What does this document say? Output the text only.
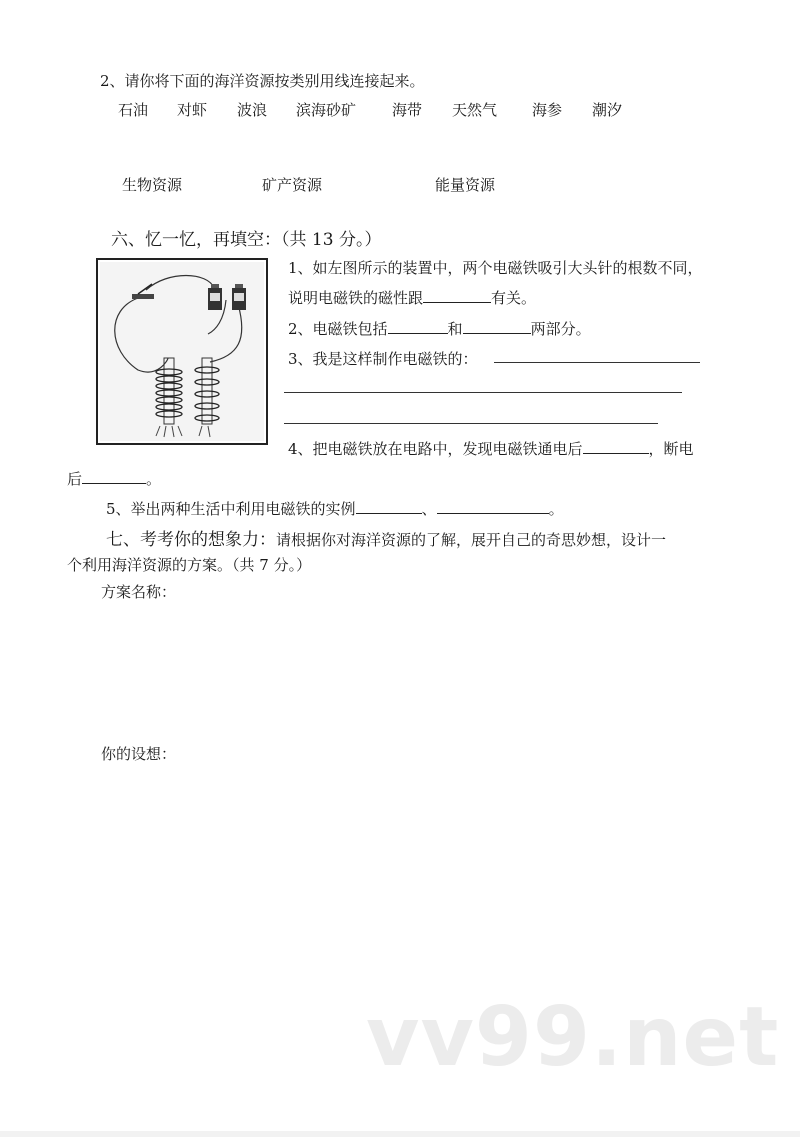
2、请你将下面的海洋资源按类别用线连接起来。
石油 对虾 波浪 滨海砂矿 海带 天然气 海参 潮汐
生物资源	矿产资源	能量资源
六、忆一忆，再填空：（共 13 分。）
1、如左图所示的装置中，两个电磁铁吸引大头针的根数不同，
说明电磁铁的磁性跟	有关。
2、电磁铁包括	和	两部分。
3、我是这样制作电磁铁的：
4、把电磁铁放在电路中，发现电磁铁通电后	，断电
后	。
5、举出两种生活中利用电磁铁的实例	、	。
七、考考你的想象力：请根据你对海洋资源的了解，展开自己的奇思妙想，设计一
个利用海洋资源的方案。（共 7 分。）
方案名称：
你的设想：
vv99.net
